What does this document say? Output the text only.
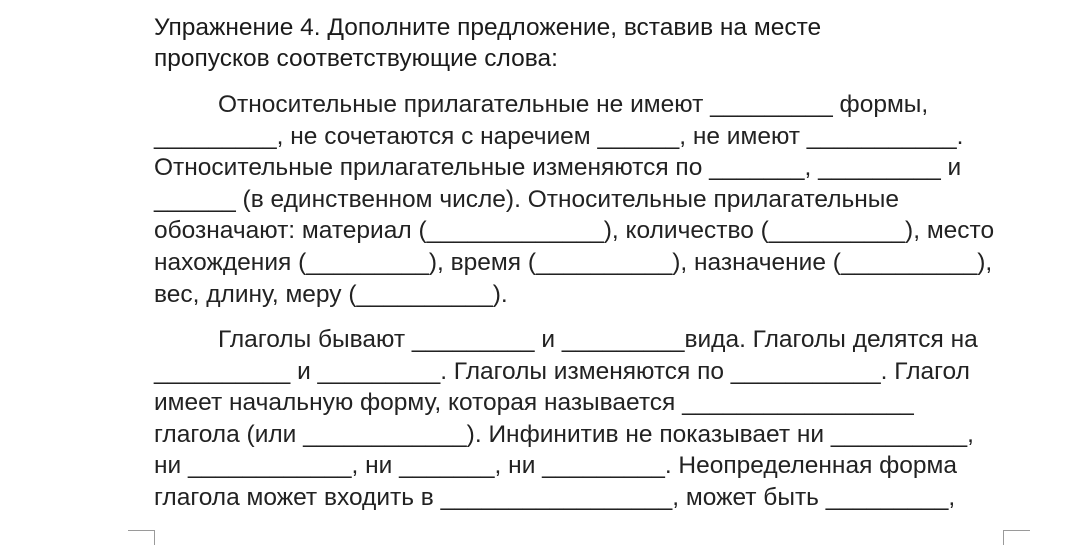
Упражнение 4. Дополните предложение, вставив на месте
пропусков соответствующие слова:
Относительные прилагательные не имеют _________ формы,
_________, не сочетаются с наречием ______, не имеют ___________.
Относительные прилагательные изменяются по _______, _________ и
______ (в единственном числе). Относительные прилагательные
обозначают: материал (_____________), количество (__________), место
нахождения (_________), время (__________), назначение (__________),
вес, длину, меру (__________).
Глаголы бывают _________ и _________вида. Глаголы делятся на
__________ и _________. Глаголы изменяются по ___________. Глагол
имеет начальную форму, которая называется _________________
глагола (или ____________). Инфинитив не показывает ни __________,
ни ____________, ни _______, ни _________. Неопределенная форма
глагола может входить в _________________, может быть _________,
